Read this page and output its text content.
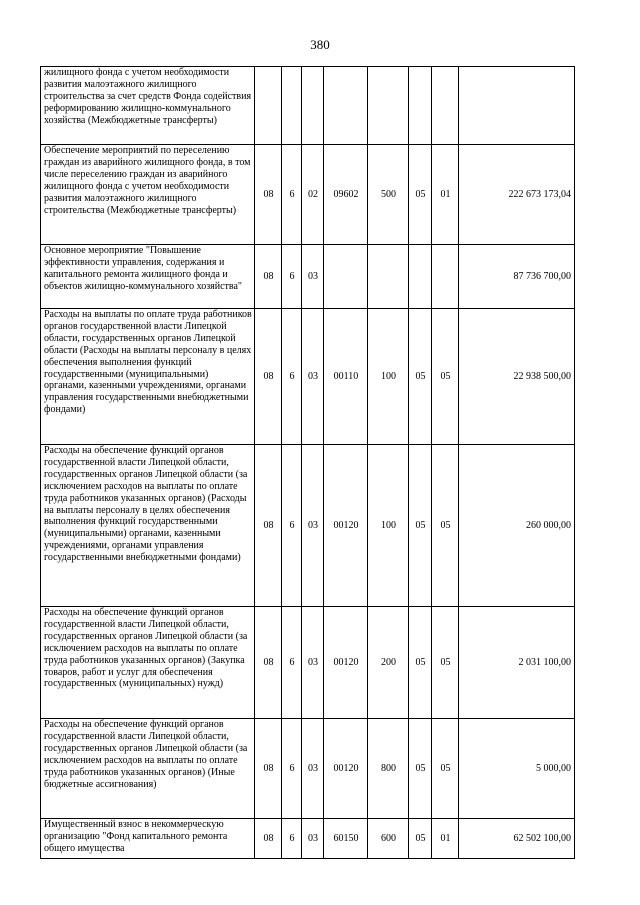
380
жилищного фонда с учетом необходимости развития малоэтажного жилищного строительства за счет средств Фонда содействия реформированию жилищно-коммунального хозяйства (Межбюджетные трансферты)								
Обеспечение мероприятий по переселению граждан из аварийного жилищного фонда, в том числе переселению граждан из аварийного жилищного фонда с учетом необходимости развития малоэтажного жилищного строительства (Межбюджетные трансферты)	08	6	02	09602	500	05	01	222 673 173,04
Основное мероприятие "Повышение эффективности управления, содержания и капитального ремонта жилищного фонда и объектов жилищно-коммунального хозяйства"	08	6	03					87 736 700,00
Расходы на выплаты по оплате труда работников органов государственной власти Липецкой области, государственных органов Липецкой области (Расходы на выплаты персоналу в целях обеспечения выполнения функций государственными (муниципальными) органами, казенными учреждениями, органами управления государственными внебюджетными фондами)	08	6	03	00110	100	05	05	22 938 500,00
Расходы на обеспечение функций органов государственной власти Липецкой области, государственных органов Липецкой области (за исключением расходов на выплаты по оплате труда работников указанных органов) (Расходы на выплаты персоналу в целях обеспечения выполнения функций государственными (муниципальными) органами, казенными учреждениями, органами управления государственными внебюджетными фондами)	08	6	03	00120	100	05	05	260 000,00
Расходы на обеспечение функций органов государственной власти Липецкой области, государственных органов Липецкой области (за исключением расходов на выплаты по оплате труда работников указанных органов) (Закупка товаров, работ и услуг для обеспечения государственных (муниципальных) нужд)	08	6	03	00120	200	05	05	2 031 100,00
Расходы на обеспечение функций органов государственной власти Липецкой области, государственных органов Липецкой области (за исключением расходов на выплаты по оплате труда работников указанных органов) (Иные бюджетные ассигнования)	08	6	03	00120	800	05	05	5 000,00
Имущественный взнос в некоммерческую организацию "Фонд капитального ремонта общего имущества	08	6	03	60150	600	05	01	62 502 100,00
